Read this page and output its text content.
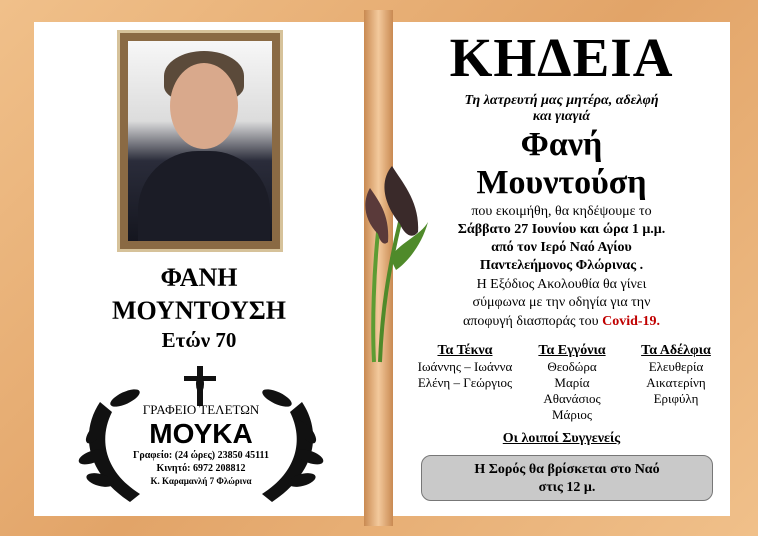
ΦΑΝΗ
ΜΟΥΝΤΟΥΣΗ
Ετών 70
ΓΡΑΦΕΙΟ ΤΕΛΕΤΩΝ
ΜΟΥΚΑ
Γραφείο: (24 ώρες) 23850 45111
Κινητό: 6972 208812
Κ. Καραμανλή 7 Φλώρινα
ΚΗΔΕΙΑ
Τη λατρευτή μας μητέρα, αδελφή
και γιαγιά
Φανή
Μουντούση
που εκοιμήθη, θα κηδέψουμε το
Σάββατο 27 Ιουνίου και ώρα 1 μ.μ.
από τον Ιερό Ναό Αγίου
Παντελεήμονος Φλώρινας .
Η Εξόδιος Ακολουθία θα γίνει
σύμφωνα με την οδηγία για την
αποφυγή διασποράς του Covid-19.
Τα Τέκνα
Ιωάννης – Ιωάννα
Ελένη – Γεώργιος
Τα Εγγόνια
Θεοδώρα
Μαρία
Αθανάσιος
Μάριος
Τα Αδέλφια
Ελευθερία
Αικατερίνη
Εριφύλη
Οι λοιποί Συγγενείς
Η Σορός θα βρίσκεται στο Ναό
στις 12 μ.
